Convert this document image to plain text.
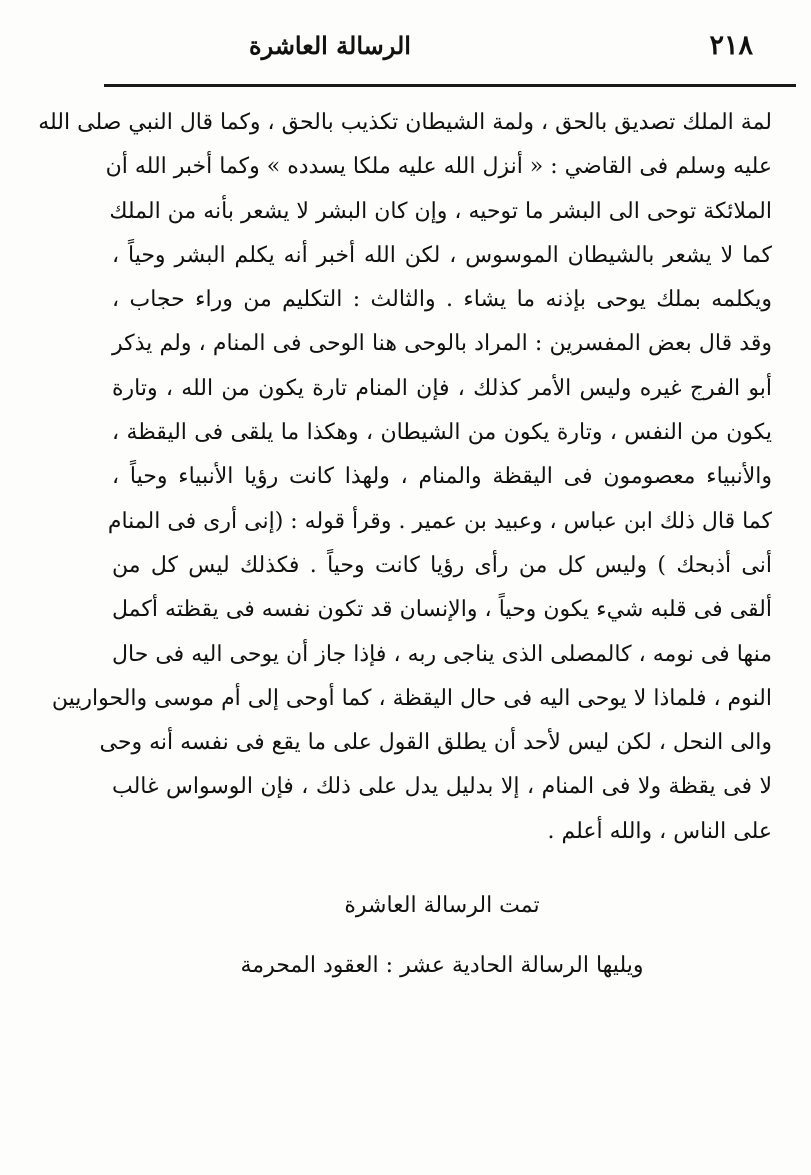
٢١٨
الرسالة العاشرة
لمة الملك تصديق بالحق ، ولمة الشيطان تكذيب بالحق ، وكما قال النبي صلى الله
عليه وسلم فى القاضي : « أنزل الله عليه ملكا يسدده » وكما أخبر الله أن
الملائكة توحى الى البشر ما توحيه ، وإن كان البشر لا يشعر بأنه من الملك
كما لا يشعر بالشيطان الموسوس ، لكن الله أخبر أنه يكلم البشر وحياً ،
ويكلمه بملك يوحى بإذنه ما يشاء . والثالث : التكليم من وراء حجاب ،
وقد قال بعض المفسرين : المراد بالوحى هنا الوحى فى المنام ، ولم يذكر
أبو الفرج غيره وليس الأمر كذلك ، فإن المنام تارة يكون من الله ، وتارة
يكون من النفس ، وتارة يكون من الشيطان ، وهكذا ما يلقى فى اليقظة ،
والأنبياء معصومون فى اليقظة والمنام ، ولهذا كانت رؤيا الأنبياء وحياً ،
كما قال ذلك ابن عباس ، وعبيد بن عمير . وقرأ قوله : (إنى أرى فى المنام
أنى أذبحك ) وليس كل من رأى رؤيا كانت وحياً . فكذلك ليس كل من
ألقى فى قلبه شيء يكون وحياً ، والإنسان قد تكون نفسه فى يقظته أكمل
منها فى نومه ، كالمصلى الذى يناجى ربه ، فإذا جاز أن يوحى اليه فى حال
النوم ، فلماذا لا يوحى اليه فى حال اليقظة ، كما أوحى إلى أم موسى والحواريين
والى النحل ، لكن ليس لأحد أن يطلق القول على ما يقع فى نفسه أنه وحى
لا فى يقظة ولا فى المنام ، إلا بدليل يدل على ذلك ، فإن الوسواس غالب
على الناس ، والله أعلم .
تمت الرسالة العاشرة
ويليها الرسالة الحادية عشر : العقود المحرمة
